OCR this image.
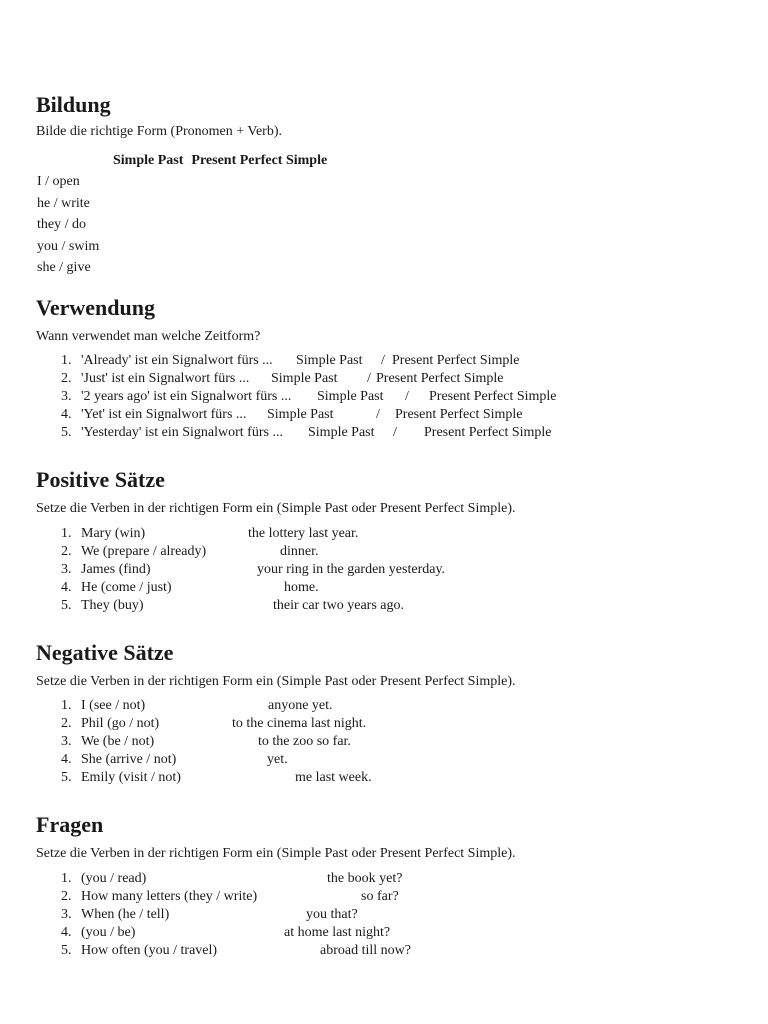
Bildung

Bilde die richtige Form (Pronomen + Verb).

Simple Past Present Perfect Simple
I / open
he / write
they / do
you / swim
she / give
Verwendung

Wann verwendet man welche Zeitform?

1. 'Already' ist ein Signalwort fürs ... Simple Past / Present Perfect Simple
2. 'Just' ist ein Signalwort fürs ... Simple Past / Present Perfect Simple
3. '2 years ago' ist ein Signalwort fürs ... Simple Past / Present Perfect Simple
4. 'Yet' ist ein Signalwort fürs ... Simple Past	/ Present Perfect Simple
5. 'Yesterday' ist ein Signalwort fürs ... Simple Past / Present Perfect Simple
Positive Sätze

Setze die Verben in der richtigen Form ein (Simple Past oder Present Perfect Simple).

1. Mary (win)	the lottery last year.
2. We (prepare / already)	dinner.
3. James (find)	your ring in the garden yesterday.
4. He (come / just)	home.
5. They (buy)	their car two years ago.
Negative Sätze

Setze die Verben in der richtigen Form ein (Simple Past oder Present Perfect Simple).

1. I (see / not)	anyone yet.
2. Phil (go / not)	to the cinema last night.
3. We (be / not)	to the zoo so far.
4. She (arrive / not)	yet.
5. Emily (visit / not)	me last week.
Fragen

Setze die Verben in der richtigen Form ein (Simple Past oder Present Perfect Simple).

1. (you / read)	the book yet?
2. How many letters (they / write)	so far?
3. When (he / tell)	you that?
4. (you / be)	at home last night?
5. How often (you / travel)	abroad till now?
